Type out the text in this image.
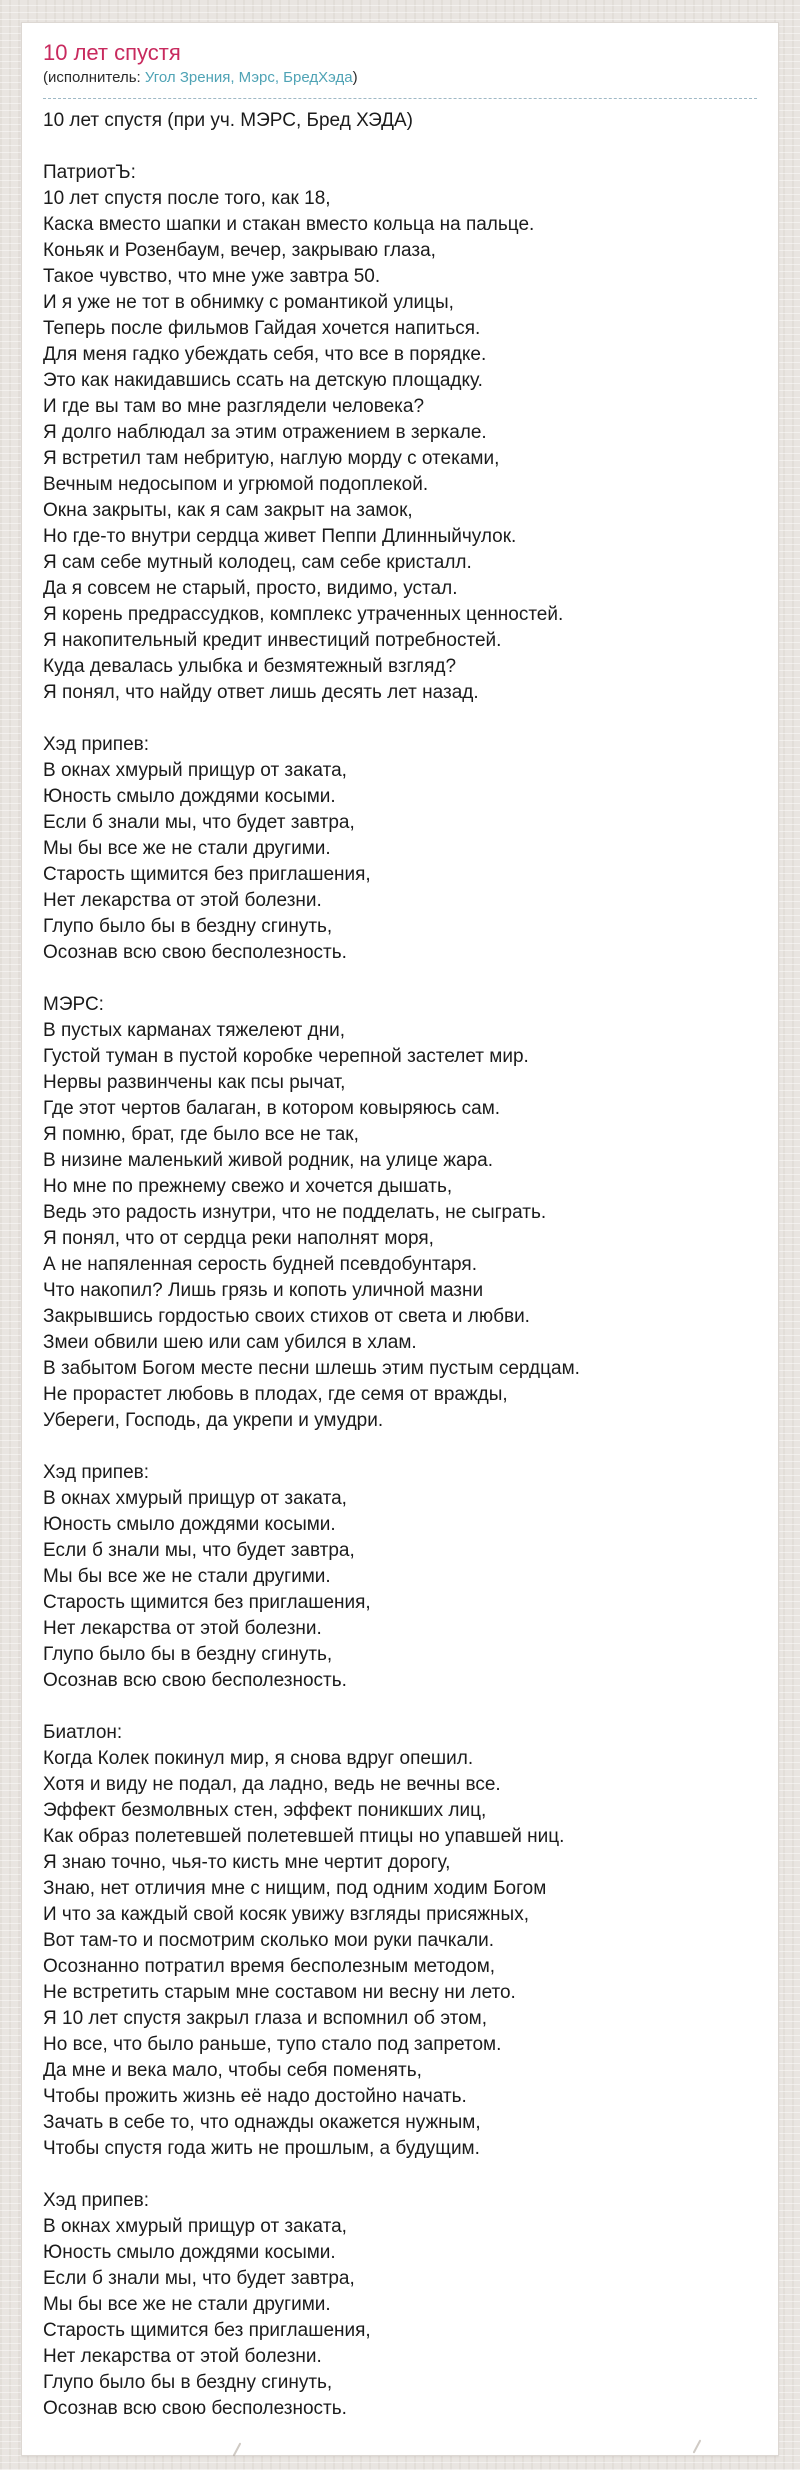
10 лет спустя
(исполнитель: Угол Зрения, Мэрс, БредХэда)
10 лет спустя (при уч. МЭРС, Бред ХЭДА)

ПатриотЪ:
10 лет спустя после того, как 18,
Каска вместо шапки и стакан вместо кольца на пальце.
Коньяк и Розенбаум, вечер, закрываю глаза,
Такое чувство, что мне уже завтра 50.
И я уже не тот в обнимку с романтикой улицы,
Теперь после фильмов Гайдая хочется напиться.
Для меня гадко убеждать себя, что все в порядке.
Это как накидавшись ссать на детскую площадку.
И где вы там во мне разглядели человека?
Я долго наблюдал за этим отражением в зеркале.
Я встретил там небритую, наглую морду с отеками,
Вечным недосыпом и угрюмой подоплекой.
Окна закрыты, как я сам закрыт на замок,
Но где-то внутри сердца живет Пеппи Длинныйчулок.
Я сам себе мутный колодец, сам себе кристалл.
Да я совсем не старый, просто, видимо, устал.
Я корень предрассудков, комплекс утраченных ценностей.
Я накопительный кредит инвестиций потребностей.
Куда девалась улыбка и безмятежный взгляд?
Я понял, что найду ответ лишь десять лет назад.

Хэд припев:
В окнах хмурый прищур от заката,
Юность смыло дождями косыми.
Если б знали мы, что будет завтра,
Мы бы все же не стали другими.
Старость щимится без приглашения,
Нет лекарства от этой болезни.
Глупо было бы в бездну сгинуть,
Осознав всю свою бесполезность.

МЭРС:
В пустых карманах тяжелеют дни,
Густой туман в пустой коробке черепной застелет мир.
Нервы развинчены как псы рычат,
Где этот чертов балаган, в котором ковыряюсь сам.
Я помню, брат, где было все не так,
В низине маленький живой родник, на улице жара.
Но мне по прежнему свежо и хочется дышать,
Ведь это радость изнутри, что не подделать, не сыграть.
Я понял, что от сердца реки наполнят моря,
А не напяленная серость будней псевдобунтаря.
Что накопил? Лишь грязь и копоть уличной мазни
Закрывшись гордостью своих стихов от света и любви.
Змеи обвили шею или сам убился в хлам.
В забытом Богом месте песни шлешь этим пустым сердцам.
Не прорастет любовь в плодах, где семя от вражды,
Убереги, Господь, да укрепи и умудри.

Хэд припев:
В окнах хмурый прищур от заката,
Юность смыло дождями косыми.
Если б знали мы, что будет завтра,
Мы бы все же не стали другими.
Старость щимится без приглашения,
Нет лекарства от этой болезни.
Глупо было бы в бездну сгинуть,
Осознав всю свою бесполезность.

Биатлон:
Когда Колек покинул мир, я снова вдруг опешил.
Хотя и виду не подал, да ладно, ведь не вечны все.
Эффект безмолвных стен, эффект поникших лиц,
Как образ полетевшей полетевшей птицы но упавшей ниц.
Я знаю точно, чья-то кисть мне чертит дорогу,
Знаю, нет отличия мне с нищим, под одним ходим Богом
И что за каждый свой косяк увижу взгляды присяжных,
Вот там-то и посмотрим сколько мои руки пачкали.
Осознанно потратил время бесполезным методом,
Не встретить старым мне составом ни весну ни лето.
Я 10 лет спустя закрыл глаза и вспомнил об этом,
Но все, что было раньше, тупо стало под запретом.
Да мне и века мало, чтобы себя поменять,
Чтобы прожить жизнь её надо достойно начать.
Зачать в себе то, что однажды окажется нужным,
Чтобы спустя года жить не прошлым, а будущим.

Хэд припев:
В окнах хмурый прищур от заката,
Юность смыло дождями косыми.
Если б знали мы, что будет завтра,
Мы бы все же не стали другими.
Старость щимится без приглашения,
Нет лекарства от этой болезни.
Глупо было бы в бездну сгинуть,
Осознав всю свою бесполезность.
